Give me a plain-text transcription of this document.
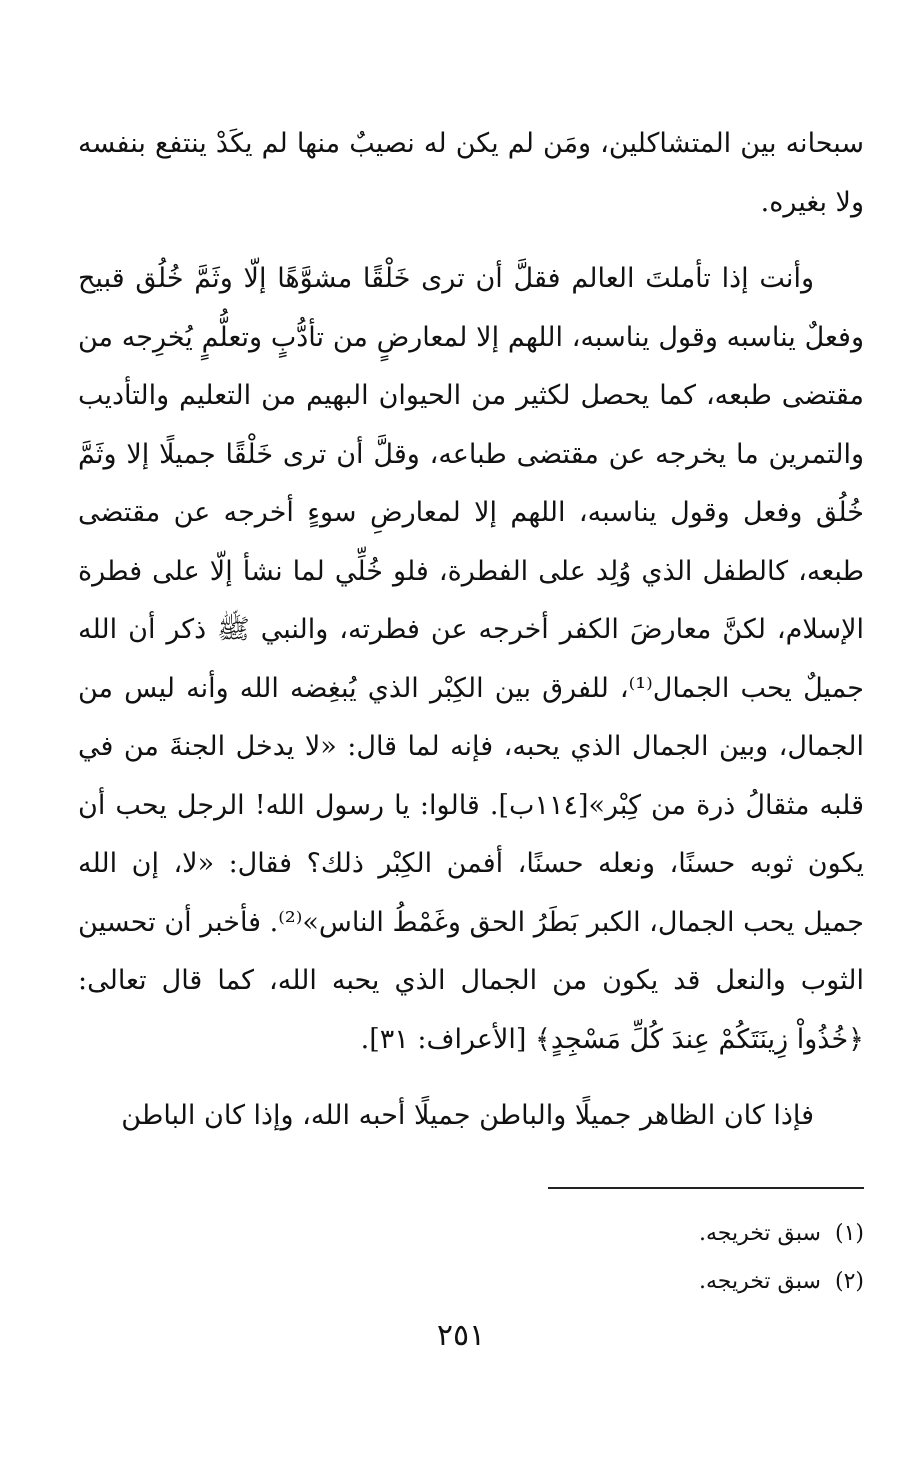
سبحانه بين المتشاكلين، ومَن لم يكن له نصيبٌ منها لم يكَدْ ينتفع بنفسه ولا بغيره.

وأنت إذا تأملتَ العالم فقلَّ أن ترى خَلْقًا مشوَّهًا إلّا وثَمَّ خُلُق قبيح وفعلٌ يناسبه وقول يناسبه، اللهم إلا لمعارضٍ من تأدُّبٍ وتعلُّمٍ يُخرِجه من مقتضى طبعه، كما يحصل لكثير من الحيوان البهيم من التعليم والتأديب والتمرين ما يخرجه عن مقتضى طباعه، وقلَّ أن ترى خَلْقًا جميلًا إلا وثَمَّ خُلُق وفعل وقول يناسبه، اللهم إلا لمعارضِ سوءٍ أخرجه عن مقتضى طبعه، كالطفل الذي وُلِد على الفطرة، فلو خُلِّي لما نشأ إلّا على فطرة الإسلام، لكنَّ معارضَ الكفر أخرجه عن فطرته، والنبي ﷺ ذكر أن الله جميلٌ يحب الجمال⁽¹⁾، للفرق بين الكِبْر الذي يُبغِضه الله وأنه ليس من الجمال، وبين الجمال الذي يحبه، فإنه لما قال: «لا يدخل الجنةَ من في قلبه مثقالُ ذرة من كِبْر»[١١٤ب]. قالوا: يا رسول الله! الرجل يحب أن يكون ثوبه حسنًا، ونعله حسنًا، أفمن الكِبْر ذلك؟ فقال: «لا، إن الله جميل يحب الجمال، الكبر بَطَرُ الحق وغَمْطُ الناس»⁽²⁾. فأخبر أن تحسين الثوب والنعل قد يكون من الجمال الذي يحبه الله، كما قال تعالى: ﴿خُذُواْ زِينَتَكُمْ عِندَ كُلِّ مَسْجِدٍ﴾ [الأعراف: ٣١].

فإذا كان الظاهر جميلًا والباطن جميلًا أحبه الله، وإذا كان الباطن

(١)سبق تخريجه.

(٢)سبق تخريجه.

٢٥١
